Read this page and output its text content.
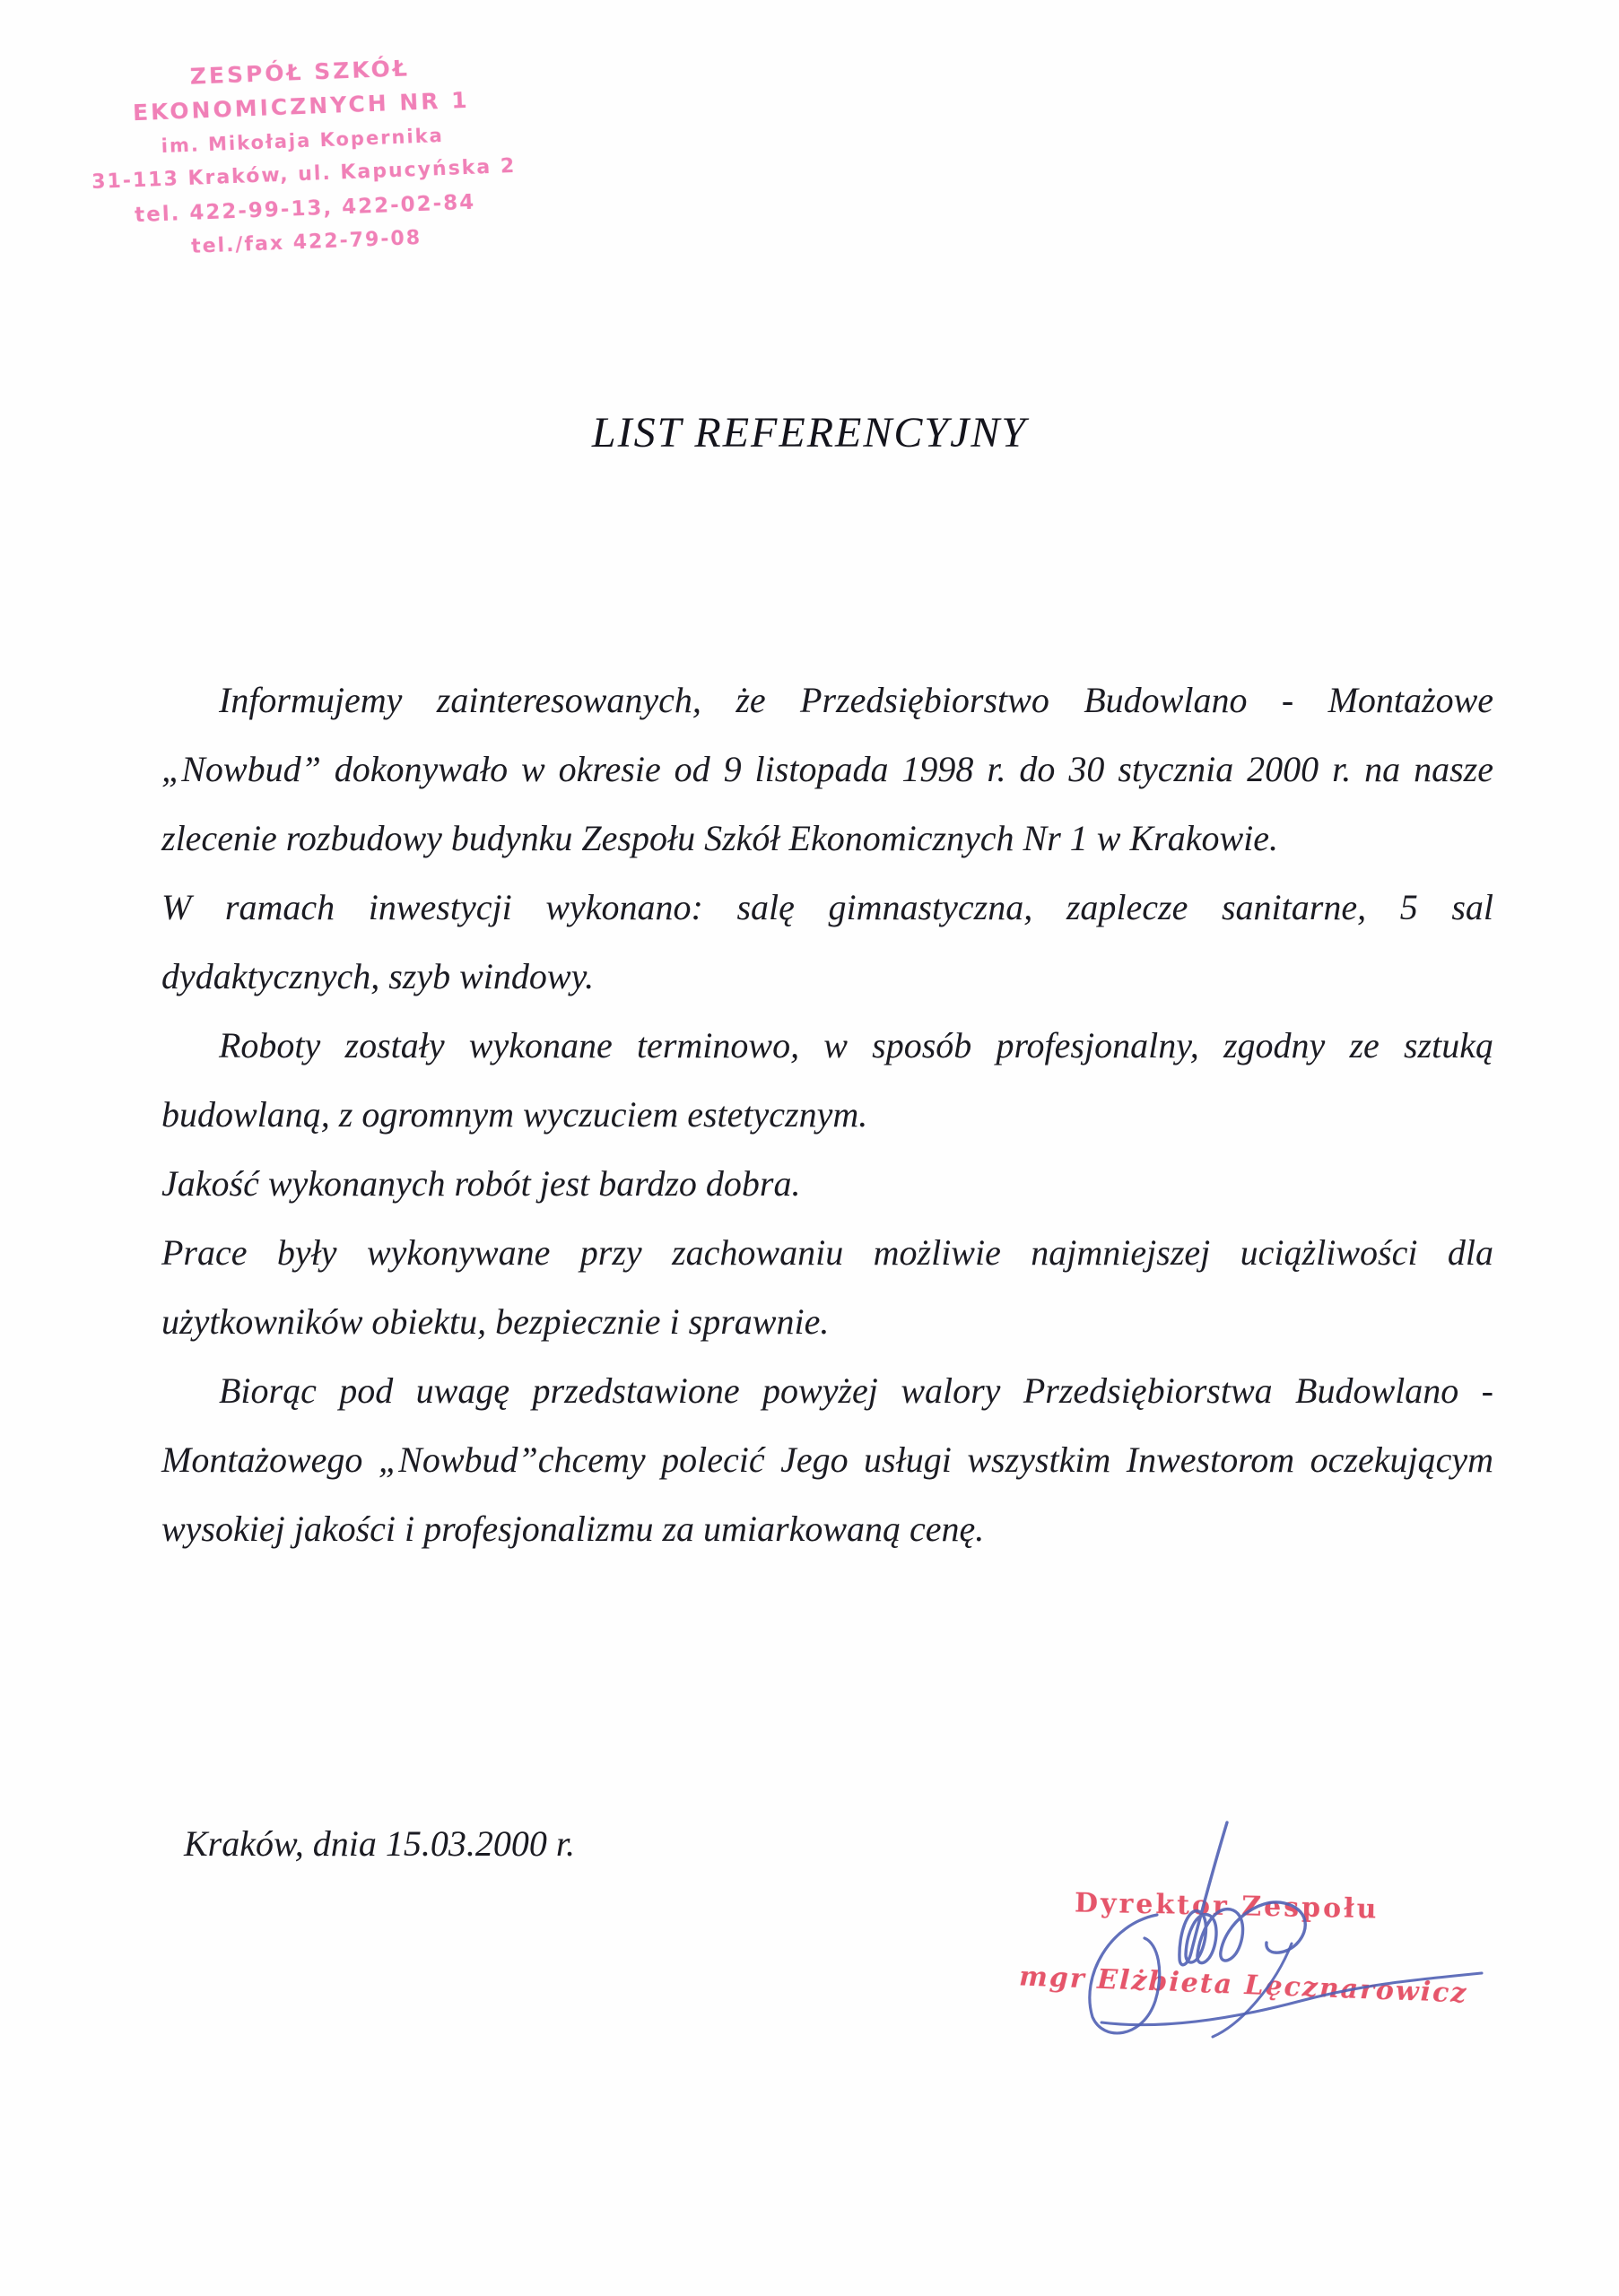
ZESPÓŁ SZKÓŁ EKONOMICZNYCH NR 1
im. Mikołaja Kopernika
31-113 Kraków, ul. Kapucyńska 2
tel. 422-99-13, 422-02-84
tel./fax 422-79-08
LIST REFERENCYJNY

Informujemy zainteresowanych, że Przedsiębiorstwo Budowlano - Montażowe „Nowbud” dokonywało w okresie od 9 listopada 1998 r. do 30 stycznia 2000 r. na nasze zlecenie rozbudowy budynku Zespołu Szkół Ekonomicznych Nr 1 w Krakowie.

W ramach inwestycji wykonano: salę gimnastyczna, zaplecze sanitarne, 5 sal dydaktycznych, szyb windowy.

Roboty zostały wykonane terminowo, w sposób profesjonalny, zgodny ze sztuką budowlaną, z ogromnym wyczuciem estetycznym.

Jakość wykonanych robót jest bardzo dobra.

Prace były wykonywane przy zachowaniu możliwie najmniejszej uciążliwości dla użytkowników obiektu, bezpiecznie i sprawnie.

Biorąc pod uwagę przedstawione powyżej walory Przedsiębiorstwa Budowlano - Montażowego „Nowbud”chcemy polecić Jego usługi wszystkim Inwestorom oczekującym wysokiej jakości i profesjonalizmu za umiarkowaną cenę.

Kraków, dnia 15.03.2000 r.
Dyrektor Zespołu
mgr Elżbieta Lęcznarowicz
